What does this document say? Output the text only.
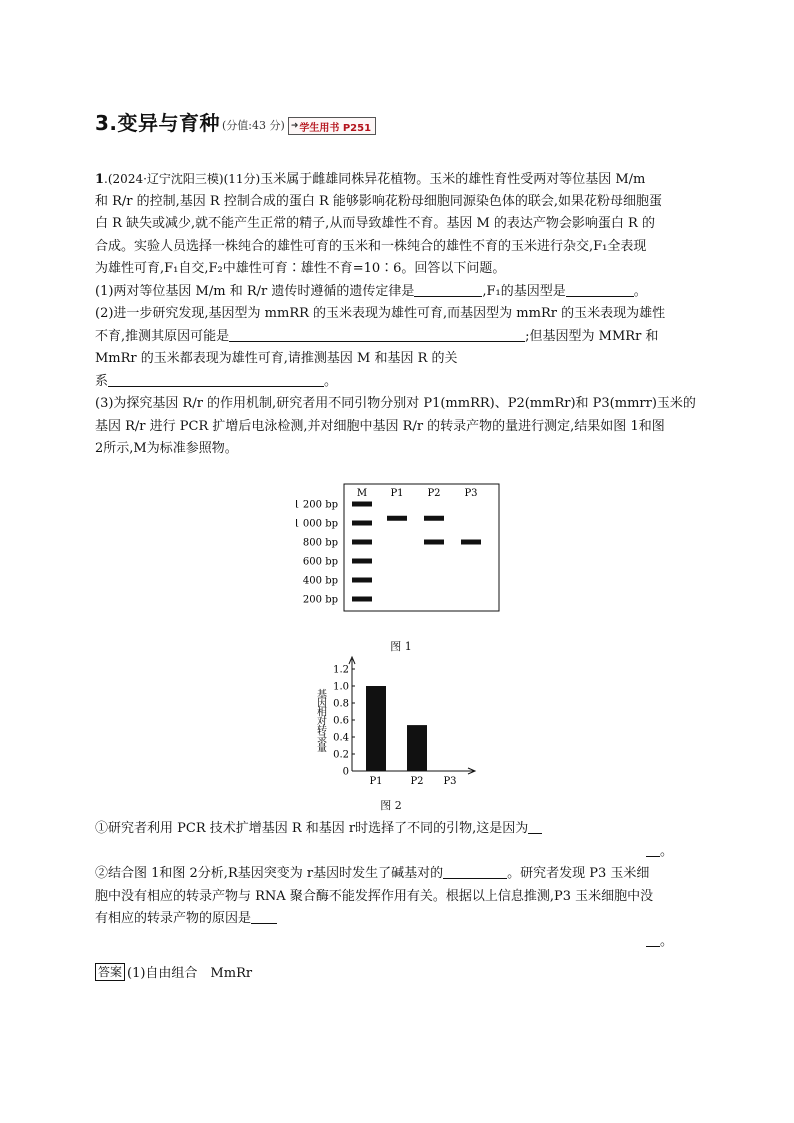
3.变异与育种 (分值:43 分) ➜ 学生用书 P251
1.(2024·辽宁沈阳三模)(11分)玉米属于雌雄同株异花植物。玉米的雄性育性受两对等位基因 M/m
和 R/r 的控制,基因 R 控制合成的蛋白 R 能够影响花粉母细胞同源染色体的联会,如果花粉母细胞蛋
白 R 缺失或减少,就不能产生正常的精子,从而导致雄性不育。基因 M 的表达产物会影响蛋白 R 的
合成。实验人员选择一株纯合的雄性可育的玉米和一株纯合的雄性不育的玉米进行杂交,F₁全表现
为雄性可育,F₁自交,F₂中雄性可育∶雄性不育=10∶6。回答以下问题。
(1)两对等位基因 M/m 和 R/r 遗传时遵循的遗传定律是	,F₁的基因型是	。
(2)进一步研究发现,基因型为 mmRR 的玉米表现为雄性可育,而基因型为 mmRr 的玉米表现为雄性
不育,推测其原因可能是	;但基因型为 MMRr 和
MmRr 的玉米都表现为雄性可育,请推测基因 M 和基因 R 的关
系	。
(3)为探究基因 R/r 的作用机制,研究者用不同引物分别对 P1(mmRR)、P2(mmRr)和 P3(mmrr)玉米的
基因 R/r 进行 PCR 扩增后电泳检测,并对细胞中基因 R/r 的转录产物的量进行测定,结果如图 1和图
2所示,M为标准参照物。
M P1 P2 P3
1 200 bp
1 000 bp
800 bp
600 bp
400 bp
200 bp
图 1
基因相对转录量
0
0.2
0.4
0.6
0.8
1.0
1.2
P1	P2 P3
图 2
①研究者利用 PCR 技术扩增基因 R 和基因 r时选择了不同的引物,这是因为
。
②结合图 1和图 2分析,R基因突变为 r基因时发生了碱基对的	。研究者发现 P3 玉米细
胞中没有相应的转录产物与 RNA 聚合酶不能发挥作用有关。根据以上信息推测,P3 玉米细胞中没
有相应的转录产物的原因是
。
答案 (1)自由组合　MmRr
